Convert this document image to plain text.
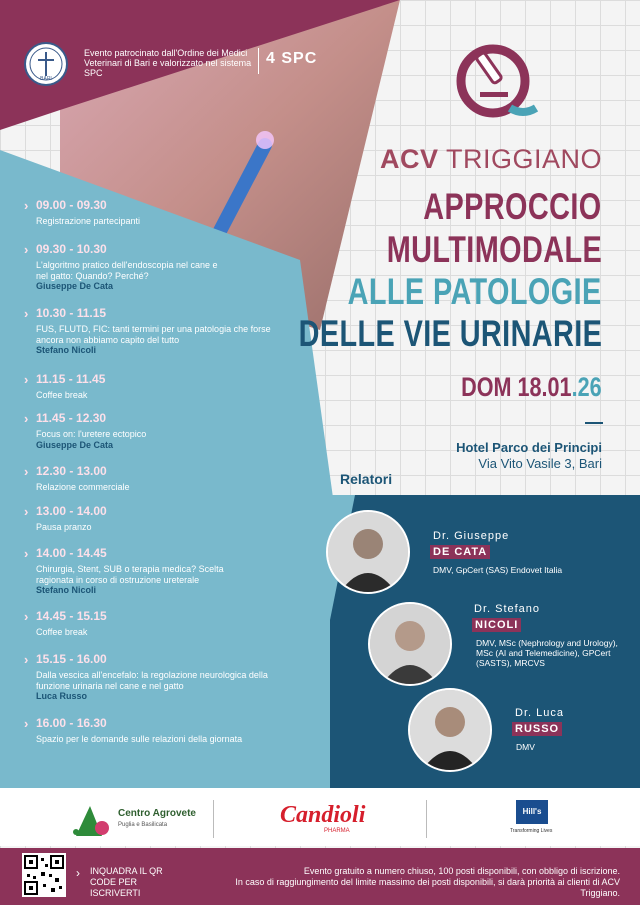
BARI
Evento patrocinato dall'Ordine dei Medici Veterinari di Bari e valorizzato nel sistema SPC
4 SPC
ACV TRIGGIANO
APPROCCIO
MULTIMODALE
ALLE PATOLOGIE
DELLE VIE URINARIE
DOM 18.01.26
Hotel Parco dei Principi
Via Vito Vasile 3, Bari
› 09.00 - 09.30
Registrazione partecipanti
› 09.30 - 10.30
L'algoritmo pratico dell'endoscopia nel cane e nel gatto: Quando? Perché?
Giuseppe De Cata
› 10.30 - 11.15
FUS, FLUTD, FIC: tanti termini per una patologia che forse ancora non abbiamo capito del tutto
Stefano Nicoli
› 11.15 - 11.45
Coffee break
› 11.45 - 12.30
Focus on: l'uretere ectopico
Giuseppe De Cata
› 12.30 - 13.00
Relazione commerciale
› 13.00 - 14.00
Pausa pranzo
› 14.00 - 14.45
Chirurgia, Stent, SUB o terapia medica? Scelta ragionata in corso di ostruzione ureterale
Stefano Nicoli
› 14.45 - 15.15
Coffee break
› 15.15 - 16.00
Dalla vescica all'encefalo: la regolazione neurologica della funzione urinaria nel cane e nel gatto
Luca Russo
› 16.00 - 16.30
Spazio per le domande sulle relazioni della giornata
Relatori
Dr. Giuseppe
DE CATA
DMV, GpCert (SAS) Endovet Italia
Dr. Stefano
NICOLI
DMV, MSc (Nephrology and Urology), MSc (AI and Telemedicine), GPCert (SASTS), MRCVS
Dr. Luca
RUSSO
DMV
Centro Agrovete
Puglia e Basilicata	Candioli
PHARMA
Hill's
Transforming Lives
› INQUADRA IL QR CODE PER ISCRIVERTI
Evento gratuito a numero chiuso, 100 posti disponibili, con obbligo di iscrizione.
In caso di raggiungimento del limite massimo dei posti disponibili, si darà priorità ai clienti di ACV Triggiano.
